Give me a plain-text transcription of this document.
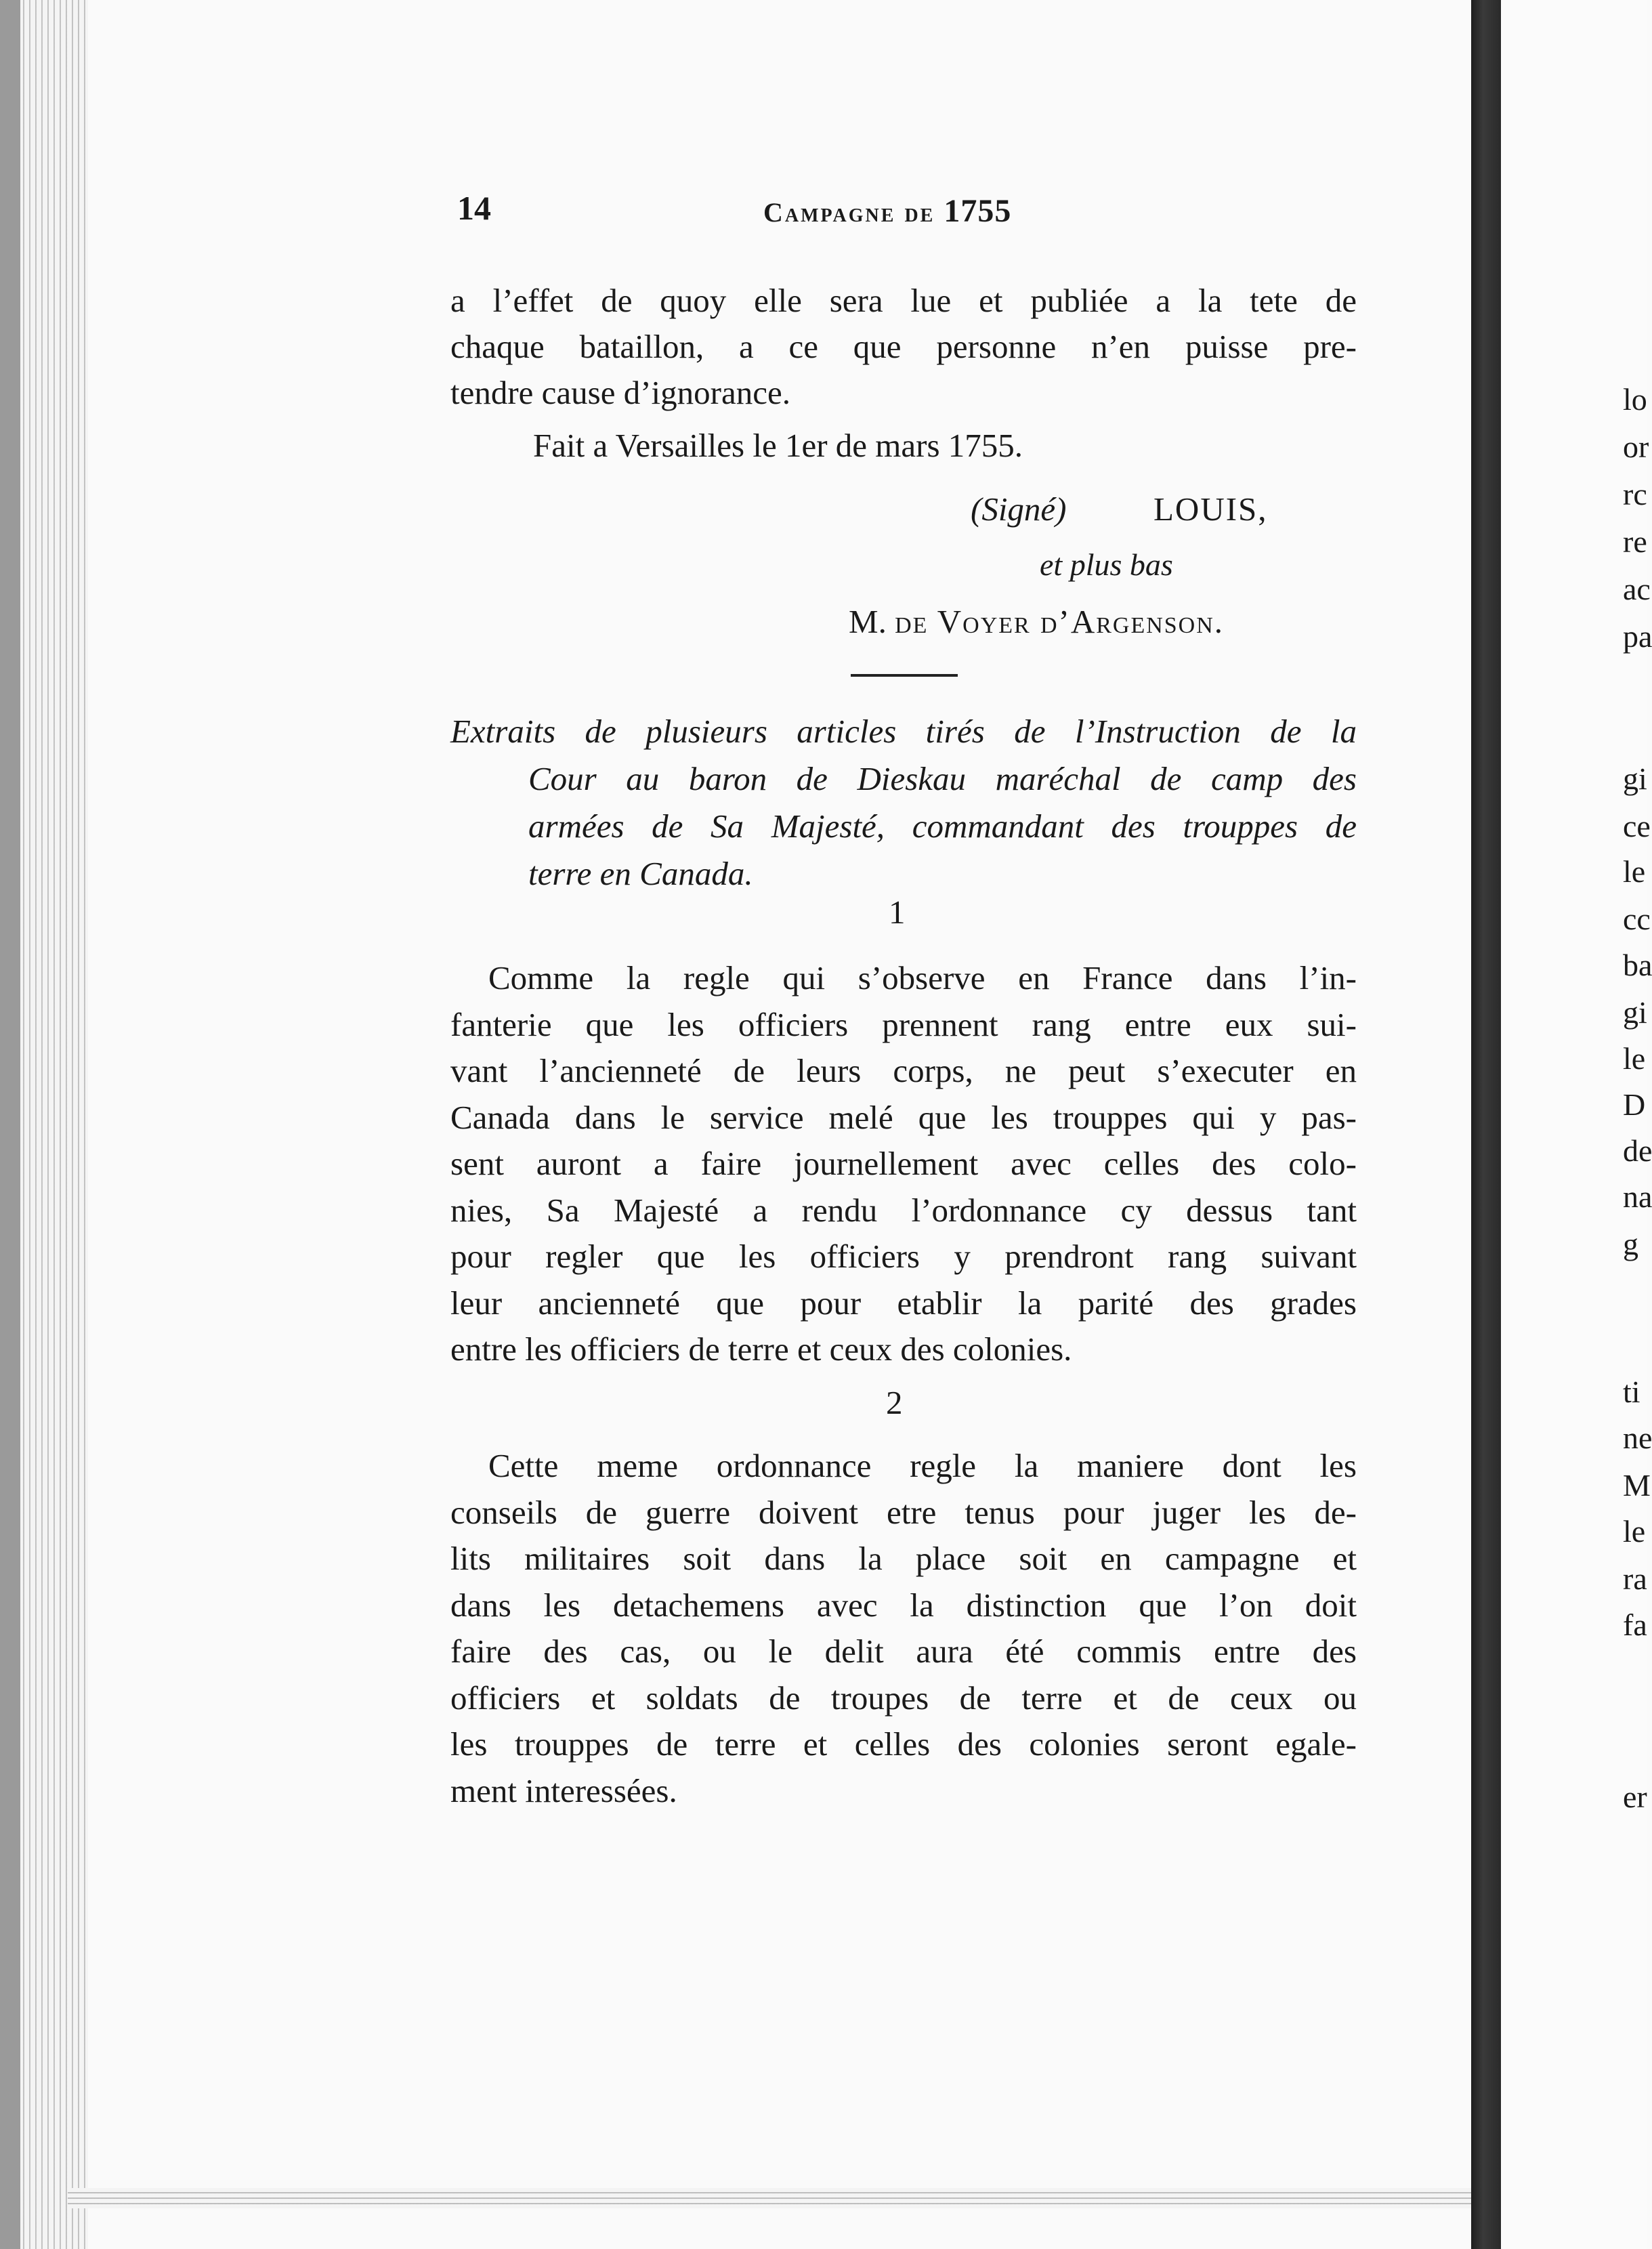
14	Campagne de 1755
a l’effet de quoy elle sera lue et publiée a la tete de
chaque bataillon, a ce que personne n’en puisse pre-
tendre cause d’ignorance.
Fait a Versailles le 1er de mars 1755.
(Signé)	LOUIS,
et plus bas
M. de Voyer d’Argenson.
Extraits de plusieurs articles tirés de l’Instruction de la
Cour au baron de Dieskau maréchal de camp des
armées de Sa Majesté, commandant des trouppes de
terre en Canada.
1
Comme la regle qui s’observe en France dans l’in-
fanterie que les officiers prennent rang entre eux sui-
vant l’ancienneté de leurs corps, ne peut s’executer en
Canada dans le service melé que les trouppes qui y pas-
sent auront a faire journellement avec celles des colo-
nies, Sa Majesté a rendu l’ordonnance cy dessus tant
pour regler que les officiers y prendront rang suivant
leur ancienneté que pour etablir la parité des grades
entre les officiers de terre et ceux des colonies.
2
Cette meme ordonnance regle la maniere dont les
conseils de guerre doivent etre tenus pour juger les de-
lits militaires soit dans la place soit en campagne et
dans les detachemens avec la distinction que l’on doit
faire des cas, ou le delit aura été commis entre des
officiers et soldats de troupes de terre et de ceux ou
les trouppes de terre et celles des colonies seront egale-
ment interessées.
lo
or
rc
re
ac
pa
gi
ce
le
cc
ba
gi
le
D
de
na
g
ti
ne
M
le
ra
fa
er
